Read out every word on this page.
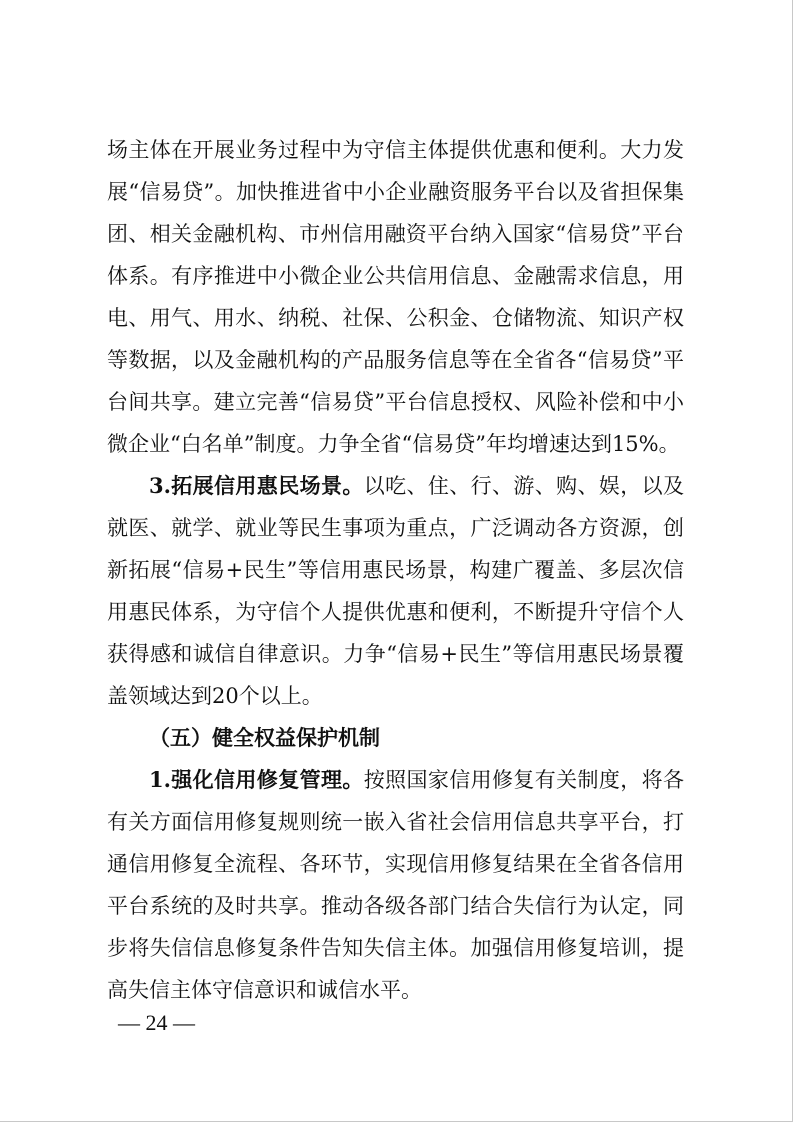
场主体在开展业务过程中为守信主体提供优惠和便利。大力发
展“信易贷”。加快推进省中小企业融资服务平台以及省担保集
团、相关金融机构、市州信用融资平台纳入国家“信易贷”平台
体系。有序推进中小微企业公共信用信息、金融需求信息，用
电、用气、用水、纳税、社保、公积金、仓储物流、知识产权
等数据，以及金融机构的产品服务信息等在全省各“信易贷”平
台间共享。建立完善“信易贷”平台信息授权、风险补偿和中小
微企业“白名单”制度。力争全省“信易贷”年均增速达到15%。
3.拓展信用惠民场景。以吃、住、行、游、购、娱，以及
就医、就学、就业等民生事项为重点，广泛调动各方资源，创
新拓展“信易+民生”等信用惠民场景，构建广覆盖、多层次信
用惠民体系，为守信个人提供优惠和便利，不断提升守信个人
获得感和诚信自律意识。力争“信易+民生”等信用惠民场景覆
盖领域达到20个以上。
（五）健全权益保护机制
1.强化信用修复管理。按照国家信用修复有关制度，将各
有关方面信用修复规则统一嵌入省社会信用信息共享平台，打
通信用修复全流程、各环节，实现信用修复结果在全省各信用
平台系统的及时共享。推动各级各部门结合失信行为认定，同
步将失信信息修复条件告知失信主体。加强信用修复培训，提
高失信主体守信意识和诚信水平。
— 24 —
